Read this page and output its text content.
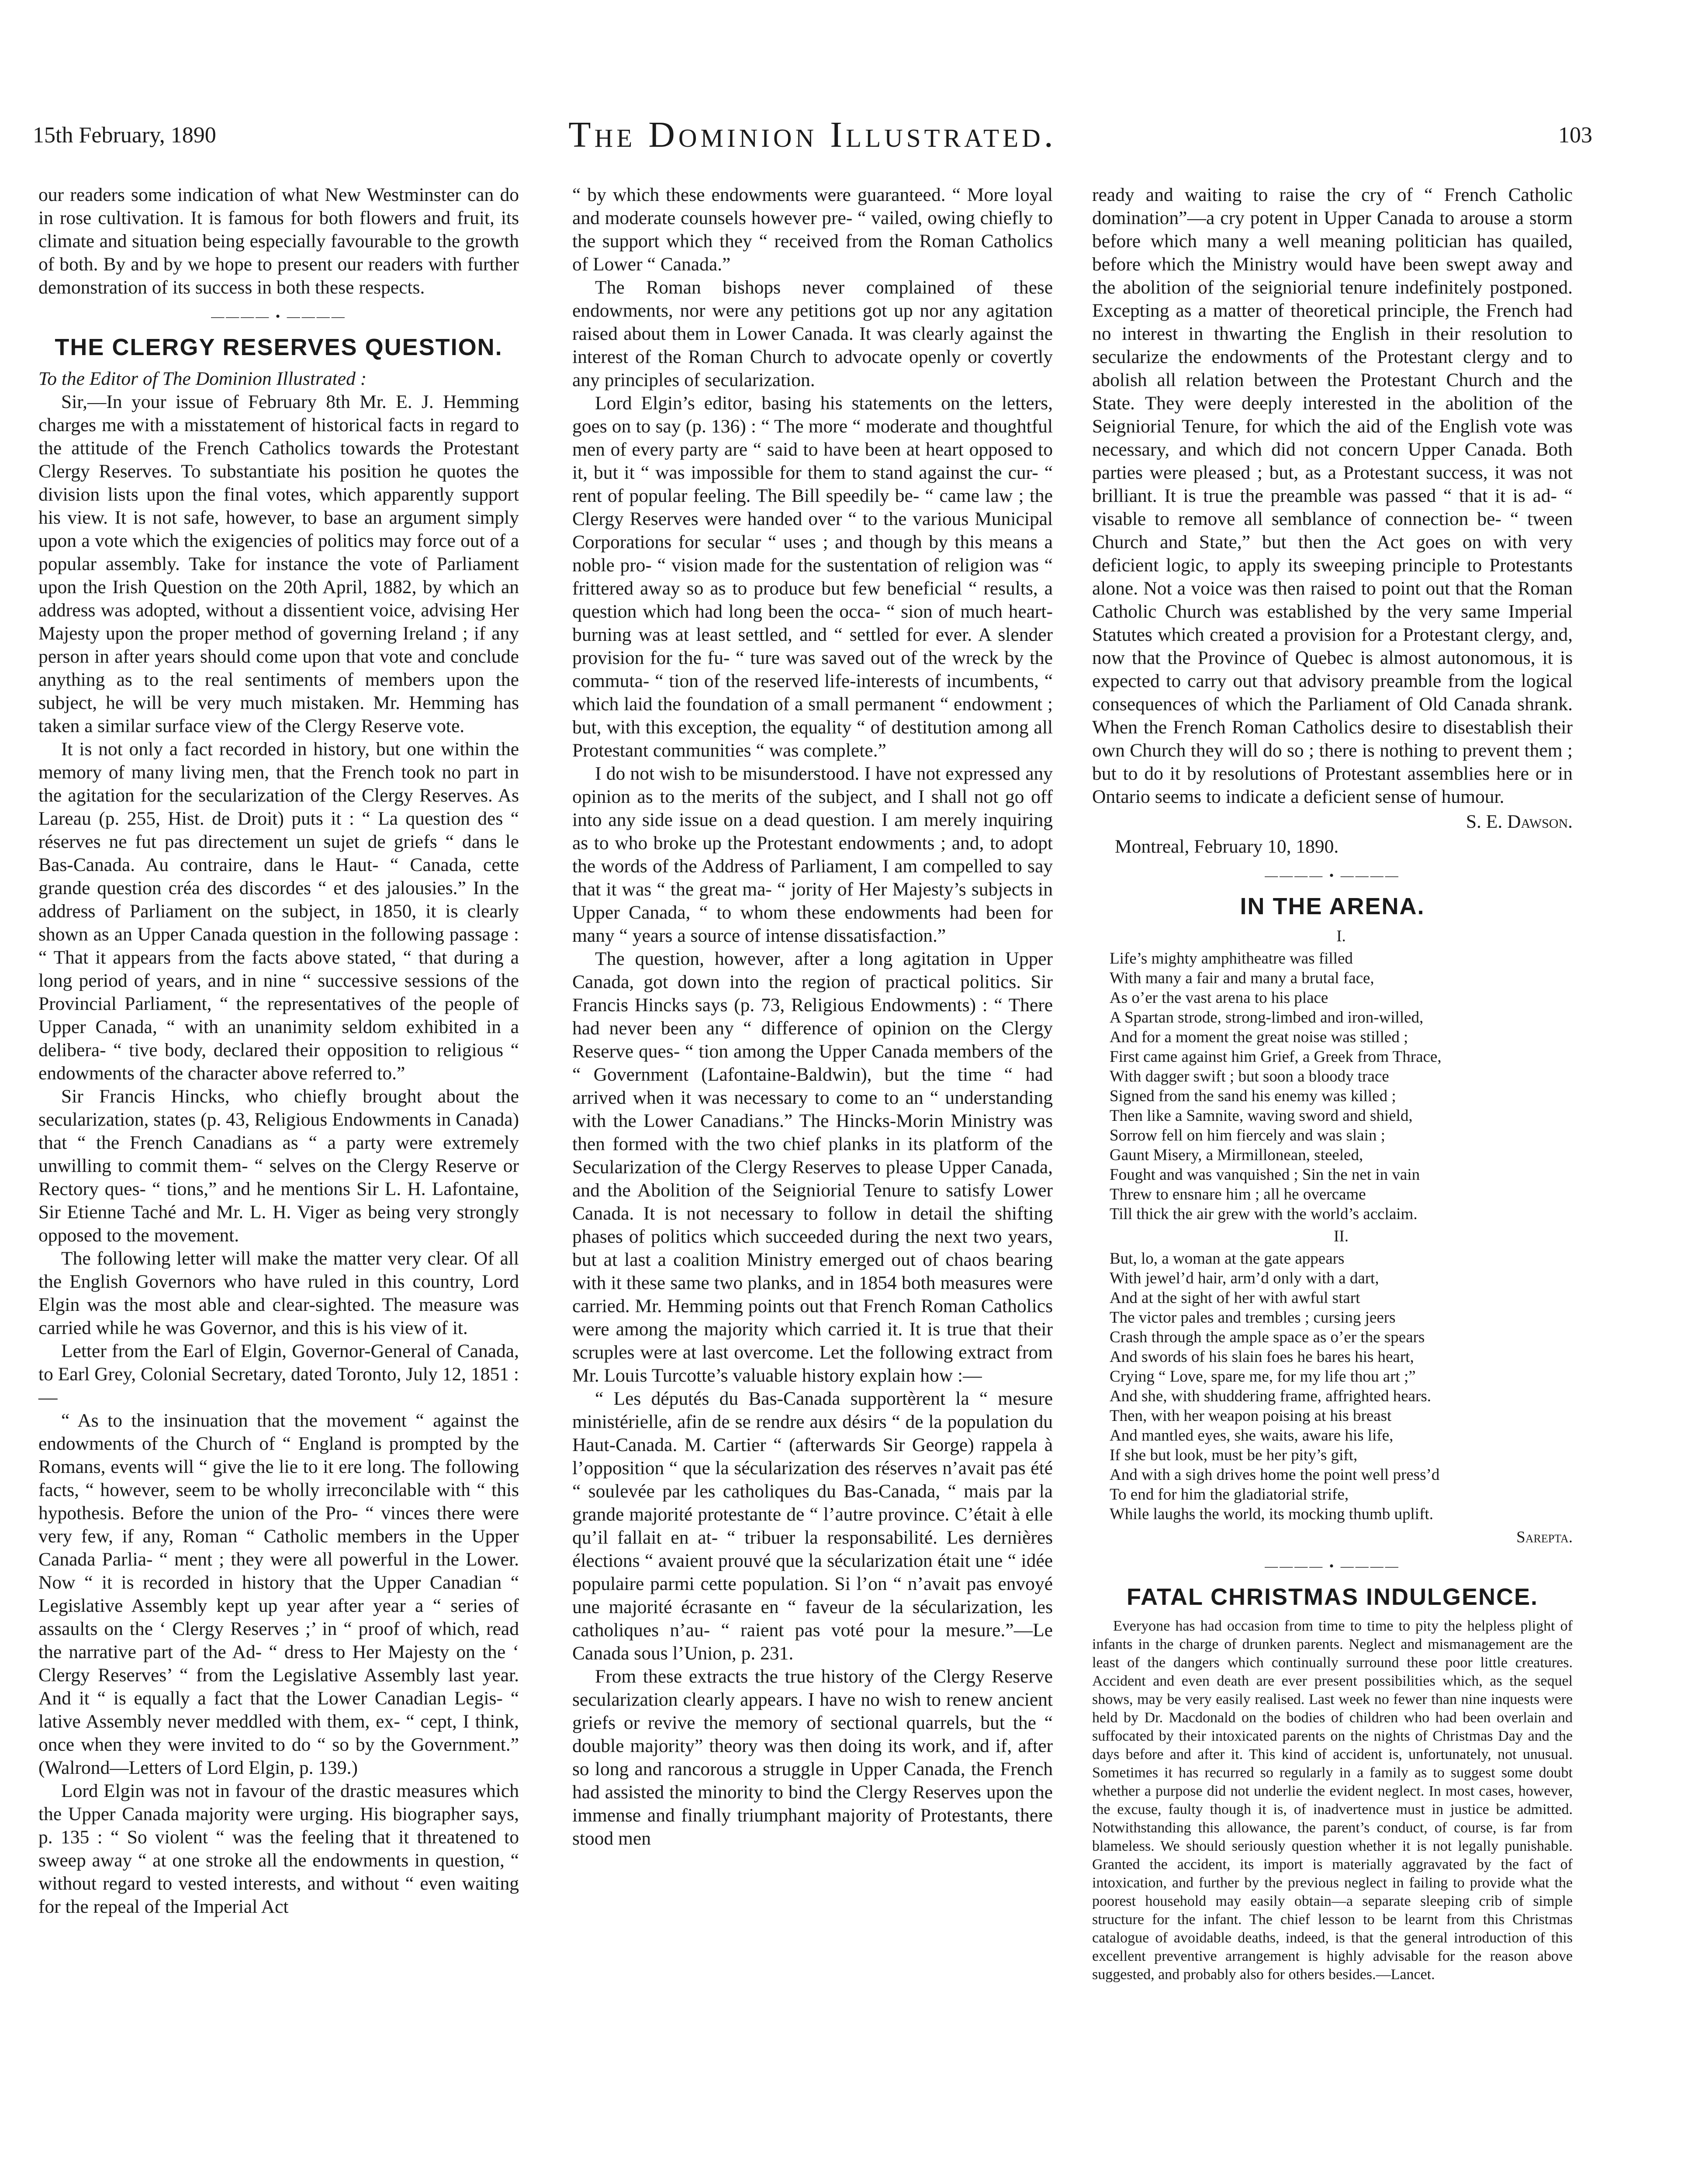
15th February, 1890	The Dominion Illustrated.	103

our readers some indication of what New Westminster can do in rose cultivation. It is famous for both flowers and fruit, its climate and situation being especially favourable to the growth of both. By and by we hope to present our readers with further demonstration of its success in both these respects.

———— • ————
THE CLERGY RESERVES QUESTION.

To the Editor of The Dominion Illustrated :

Sir,—In your issue of February 8th Mr. E. J. Hemming charges me with a misstatement of historical facts in regard to the attitude of the French Catholics towards the Protestant Clergy Reserves. To substantiate his position he quotes the division lists upon the final votes, which apparently support his view. It is not safe, however, to base an argument simply upon a vote which the exigencies of politics may force out of a popular assembly. Take for instance the vote of Parliament upon the Irish Question on the 20th April, 1882, by which an address was adopted, without a dissentient voice, advising Her Majesty upon the proper method of governing Ireland ; if any person in after years should come upon that vote and conclude anything as to the real sentiments of members upon the subject, he will be very much mistaken. Mr. Hemming has taken a similar surface view of the Clergy Reserve vote.

It is not only a fact recorded in history, but one within the memory of many living men, that the French took no part in the agitation for the secularization of the Clergy Reserves. As Lareau (p. 255, Hist. de Droit) puts it : “ La question des “ réserves ne fut pas directement un sujet de griefs “ dans le Bas-Canada. Au contraire, dans le Haut- “ Canada, cette grande question créa des discordes “ et des jalousies.” In the address of Parliament on the subject, in 1850, it is clearly shown as an Upper Canada question in the following passage : “ That it appears from the facts above stated, “ that during a long period of years, and in nine “ successive sessions of the Provincial Parliament, “ the representatives of the people of Upper Canada, “ with an unanimity seldom exhibited in a delibera- “ tive body, declared their opposition to religious “ endowments of the character above referred to.”

Sir Francis Hincks, who chiefly brought about the secularization, states (p. 43, Religious Endowments in Canada) that “ the French Canadians as “ a party were extremely unwilling to commit them- “ selves on the Clergy Reserve or Rectory ques- “ tions,” and he mentions Sir L. H. Lafontaine, Sir Etienne Taché and Mr. L. H. Viger as being very strongly opposed to the movement.

The following letter will make the matter very clear. Of all the English Governors who have ruled in this country, Lord Elgin was the most able and clear-sighted. The measure was carried while he was Governor, and this is his view of it.

Letter from the Earl of Elgin, Governor-General of Canada, to Earl Grey, Colonial Secretary, dated Toronto, July 12, 1851 :—

“ As to the insinuation that the movement “ against the endowments of the Church of “ England is prompted by the Romans, events will “ give the lie to it ere long. The following facts, “ however, seem to be wholly irreconcilable with “ this hypothesis. Before the union of the Pro- “ vinces there were very few, if any, Roman “ Catholic members in the Upper Canada Parlia- “ ment ; they were all powerful in the Lower. Now “ it is recorded in history that the Upper Canadian “ Legislative Assembly kept up year after year a “ series of assaults on the ‘ Clergy Reserves ;’ in “ proof of which, read the narrative part of the Ad- “ dress to Her Majesty on the ‘ Clergy Reserves’ “ from the Legislative Assembly last year. And it “ is equally a fact that the Lower Canadian Legis- “ lative Assembly never meddled with them, ex- “ cept, I think, once when they were invited to do “ so by the Government.” (Walrond—Letters of Lord Elgin, p. 139.)

Lord Elgin was not in favour of the drastic measures which the Upper Canada majority were urging. His biographer says, p. 135 : “ So violent “ was the feeling that it threatened to sweep away “ at one stroke all the endowments in question, “ without regard to vested interests, and without “ even waiting for the repeal of the Imperial Act

“ by which these endowments were guaranteed. “ More loyal and moderate counsels however pre- “ vailed, owing chiefly to the support which they “ received from the Roman Catholics of Lower “ Canada.”

The Roman bishops never complained of these endowments, nor were any petitions got up nor any agitation raised about them in Lower Canada. It was clearly against the interest of the Roman Church to advocate openly or covertly any principles of secularization.

Lord Elgin’s editor, basing his statements on the letters, goes on to say (p. 136) : “ The more “ moderate and thoughtful men of every party are “ said to have been at heart opposed to it, but it “ was impossible for them to stand against the cur- “ rent of popular feeling. The Bill speedily be- “ came law ; the Clergy Reserves were handed over “ to the various Municipal Corporations for secular “ uses ; and though by this means a noble pro- “ vision made for the sustentation of religion was “ frittered away so as to produce but few beneficial “ results, a question which had long been the occa- “ sion of much heart-burning was at least settled, and “ settled for ever. A slender provision for the fu- “ ture was saved out of the wreck by the commuta- “ tion of the reserved life-interests of incumbents, “ which laid the foundation of a small permanent “ endowment ; but, with this exception, the equality “ of destitution among all Protestant communities “ was complete.”

I do not wish to be misunderstood. I have not expressed any opinion as to the merits of the subject, and I shall not go off into any side issue on a dead question. I am merely inquiring as to who broke up the Protestant endowments ; and, to adopt the words of the Address of Parliament, I am compelled to say that it was “ the great ma- “ jority of Her Majesty’s subjects in Upper Canada, “ to whom these endowments had been for many “ years a source of intense dissatisfaction.”

The question, however, after a long agitation in Upper Canada, got down into the region of practical politics. Sir Francis Hincks says (p. 73, Religious Endowments) : “ There had never been any “ difference of opinion on the Clergy Reserve ques- “ tion among the Upper Canada members of the “ Government (Lafontaine-Baldwin), but the time “ had arrived when it was necessary to come to an “ understanding with the Lower Canadians.” The Hincks-Morin Ministry was then formed with the two chief planks in its platform of the Secularization of the Clergy Reserves to please Upper Canada, and the Abolition of the Seigniorial Tenure to satisfy Lower Canada. It is not necessary to follow in detail the shifting phases of politics which succeeded during the next two years, but at last a coalition Ministry emerged out of chaos bearing with it these same two planks, and in 1854 both measures were carried. Mr. Hemming points out that French Roman Catholics were among the majority which carried it. It is true that their scruples were at last overcome. Let the following extract from Mr. Louis Turcotte’s valuable history explain how :—

“ Les députés du Bas-Canada supportèrent la “ mesure ministérielle, afin de se rendre aux désirs “ de la population du Haut-Canada. M. Cartier “ (afterwards Sir George) rappela à l’opposition “ que la sécularization des réserves n’avait pas été “ soulevée par les catholiques du Bas-Canada, “ mais par la grande majorité protestante de “ l’autre province. C’était à elle qu’il fallait en at- “ tribuer la responsabilité. Les dernières élections “ avaient prouvé que la sécularization était une “ idée populaire parmi cette population. Si l’on “ n’avait pas envoyé une majorité écrasante en “ faveur de la sécularization, les catholiques n’au- “ raient pas voté pour la mesure.”—Le Canada sous l’Union, p. 231.

From these extracts the true history of the Clergy Reserve secularization clearly appears. I have no wish to renew ancient griefs or revive the memory of sectional quarrels, but the “ double majority” theory was then doing its work, and if, after so long and rancorous a struggle in Upper Canada, the French had assisted the minority to bind the Clergy Reserves upon the immense and finally triumphant majority of Protestants, there stood men

ready and waiting to raise the cry of “ French Catholic domination”—a cry potent in Upper Canada to arouse a storm before which many a well meaning politician has quailed, before which the Ministry would have been swept away and the abolition of the seigniorial tenure indefinitely postponed. Excepting as a matter of theoretical principle, the French had no interest in thwarting the English in their resolution to secularize the endowments of the Protestant clergy and to abolish all relation between the Protestant Church and the State. They were deeply interested in the abolition of the Seigniorial Tenure, for which the aid of the English vote was necessary, and which did not concern Upper Canada. Both parties were pleased ; but, as a Protestant success, it was not brilliant. It is true the preamble was passed “ that it is ad- “ visable to remove all semblance of connection be- “ tween Church and State,” but then the Act goes on with very deficient logic, to apply its sweeping principle to Protestants alone. Not a voice was then raised to point out that the Roman Catholic Church was established by the very same Imperial Statutes which created a provision for a Protestant clergy, and, now that the Province of Quebec is almost autonomous, it is expected to carry out that advisory preamble from the logical consequences of which the Parliament of Old Canada shrank. When the French Roman Catholics desire to disestablish their own Church they will do so ; there is nothing to prevent them ; but to do it by resolutions of Protestant assemblies here or in Ontario seems to indicate a deficient sense of humour.

S. E. Dawson.
Montreal, February 10, 1890.
———— • ————
IN THE ARENA.
I.
Life’s mighty amphitheatre was filled
With many a fair and many a brutal face,
As o’er the vast arena to his place
A Spartan strode, strong-limbed and iron-willed,
And for a moment the great noise was stilled ;
First came against him Grief, a Greek from Thrace,
With dagger swift ; but soon a bloody trace
Signed from the sand his enemy was killed ;
Then like a Samnite, waving sword and shield,
Sorrow fell on him fiercely and was slain ;
Gaunt Misery, a Mirmillonean, steeled,
Fought and was vanquished ; Sin the net in vain
Threw to ensnare him ; all he overcame
Till thick the air grew with the world’s acclaim.
II.
But, lo, a woman at the gate appears
With jewel’d hair, arm’d only with a dart,
And at the sight of her with awful start
The victor pales and trembles ; cursing jeers
Crash through the ample space as o’er the spears
And swords of his slain foes he bares his heart,
Crying “ Love, spare me, for my life thou art ;”
And she, with shuddering frame, affrighted hears.
Then, with her weapon poising at his breast
And mantled eyes, she waits, aware his life,
If she but look, must be her pity’s gift,
And with a sigh drives home the point well press’d
To end for him the gladiatorial strife,
While laughs the world, its mocking thumb uplift.
Sarepta.
———— • ————
FATAL CHRISTMAS INDULGENCE.

Everyone has had occasion from time to time to pity the helpless plight of infants in the charge of drunken parents. Neglect and mismanagement are the least of the dangers which continually surround these poor little creatures. Accident and even death are ever present possibilities which, as the sequel shows, may be very easily realised. Last week no fewer than nine inquests were held by Dr. Macdonald on the bodies of children who had been overlain and suffocated by their intoxicated parents on the nights of Christmas Day and the days before and after it. This kind of accident is, unfortunately, not unusual. Sometimes it has recurred so regularly in a family as to suggest some doubt whether a purpose did not underlie the evident neglect. In most cases, however, the excuse, faulty though it is, of inadvertence must in justice be admitted. Notwithstanding this allowance, the parent’s conduct, of course, is far from blameless. We should seriously question whether it is not legally punishable. Granted the accident, its import is materially aggravated by the fact of intoxication, and further by the previous neglect in failing to provide what the poorest household may easily obtain—a separate sleeping crib of simple structure for the infant. The chief lesson to be learnt from this Christmas catalogue of avoidable deaths, indeed, is that the general introduction of this excellent preventive arrangement is highly advisable for the reason above suggested, and probably also for others besides.—Lancet.
